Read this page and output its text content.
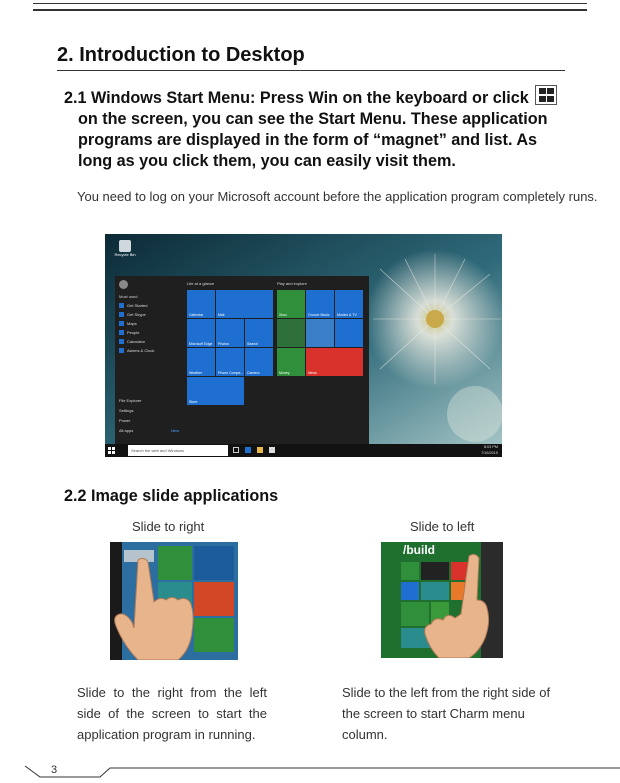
2. Introduction to Desktop
2.1 Windows Start Menu: Press Win on the keyboard or click
on the screen, you can see the Start Menu. These application
programs are displayed in the form of “magnet” and list. As
long as you click them, you can easily visit them.
You need to log on your Microsoft account before the application program completely runs.
Recycle Bin
Most used
Get Started
Get Skype
Maps
People
Calculator
Alarms & Clock
File Explorer
Settings
Power
All apps	New
Life at a glance	Play and explore
Calendar	Mail
Microsoft Edge Photos	Search
Weather	Phone Compa... Camera
Store
Xbox	Groove Music Movies & TV
Money	News
Search the web and Windows
8:03 PM
7/16/2015
2.2 Image slide applications
Slide to right	Slide to left
/build
Slide to the right from the left side of the screen to start the application program in running.
Slide to the left from the right side of the screen to start Charm menu column.
3
